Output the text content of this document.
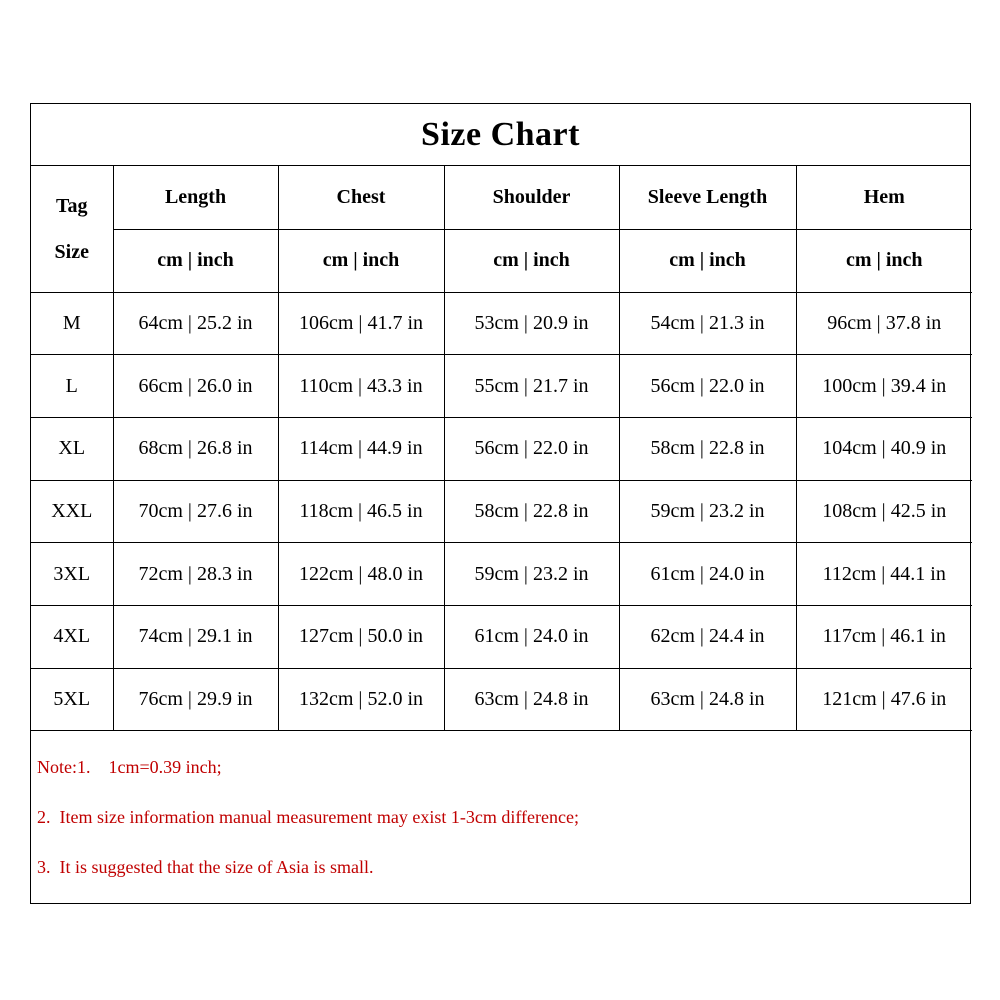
Size Chart
Tag
Size	Length	Chest	Shoulder	Sleeve Length	Hem
	cm | inch	cm | inch	cm | inch	cm | inch	cm | inch
M	64cm | 25.2 in	106cm | 41.7 in	53cm | 20.9 in	54cm | 21.3 in	96cm | 37.8 in
L	66cm | 26.0 in	110cm | 43.3 in	55cm | 21.7 in	56cm | 22.0 in	100cm | 39.4 in
XL	68cm | 26.8 in	114cm | 44.9 in	56cm | 22.0 in	58cm | 22.8 in	104cm | 40.9 in
XXL	70cm | 27.6 in	118cm | 46.5 in	58cm | 22.8 in	59cm | 23.2 in	108cm | 42.5 in
3XL	72cm | 28.3 in	122cm | 48.0 in	59cm | 23.2 in	61cm | 24.0 in	112cm | 44.1 in
4XL	74cm | 29.1 in	127cm | 50.0 in	61cm | 24.0 in	62cm | 24.4 in	117cm | 46.1 in
5XL	76cm | 29.9 in	132cm | 52.0 in	63cm | 24.8 in	63cm | 24.8 in	121cm | 47.6 in
Note:1.    1cm=0.39 inch;
2.  Item size information manual measurement may exist 1-3cm difference;
3.  It is suggested that the size of Asia is small.
